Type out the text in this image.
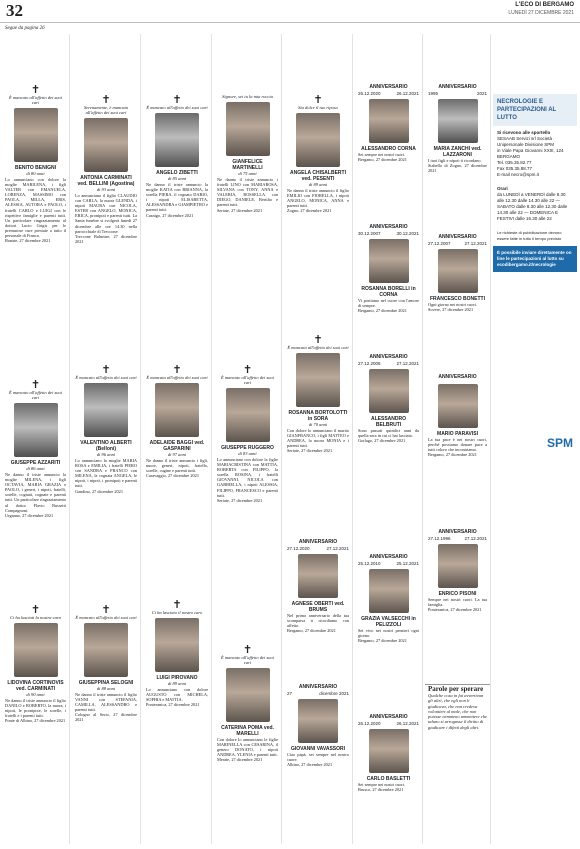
32	L'ECO DI BERGAMO
LUNEDÌ 27 DICEMBRE 2021
Segue da pagina 26
✝
È mancato all'affetto dei suoi cari
BENITO BENIGNI
di 80 anni
Lo annunciano con dolore la moglie MARILENA, i figli VALTER con EMANUELA, LORENZA, MASSIMO con PAOLA, MILLA, ERIS, ALESSIA, AUTORA e PAOLO, i fratelli CARLO e LUIGI con le rispettive famiglie e parenti tutti. Un particolare ringraziamento al dottori Lucio Grigis per le premurose cure prestate a tutto il personale di Franca.
Bonate, 27 dicembre 2021
✝
È mancato all'affetto dei suoi cari
GIUSEPPE AZZARITI
di 86 anni
Ne danno il triste annuncio la moglie MILENA, i figli OCTAVIA, MARIA GRAZIA e PAOLO, i generi, i nipoti, fratelli, sorelle, cognati, cognate e parenti tutti. Un particolare ringraziamento al dottor Flavio Bussetti Compagnoni.
Urgnano, 27 dicembre 2021
✝
Ci ha lasciati la nostra cara
LIDOVINA CORTINOVIS ved. CARMINATI
di 90 anni
Ne danno il triste annuncio il figlio DANILO e ROBERTO, la nuora, i nipoti, le pronipote, le sorelle, i fratelli e i parenti tutti.
Ponte di Albino, 27 dicembre 2021
✝
Serenamente, è mancata all'affetto dei suoi cari
ANTONIA CARMINATI ved. BELLINI (Agostina)
di 93 anni
Lo annunciano il figlio CLAUDIO con CARLA, la nuora GLENDA, i nipoti MAURA con NICOLA, ESTER con ANGELO, MONICA, ERICA, pronipoti e parenti tutti. La Santa funebre si svolgerà lunedì 27 dicembre alle ore 14.30 nella parrocchiale di Treccone.
Treccone Balneare, 27 dicembre 2021
✝
È mancato all'affetto dei suoi cari
VALENTINO ALBERTI (Belloni)
di 96 anni
Lo annunciano la moglie MARIA ROSA e EMILIA, i fratelli PIERO con SANDRA e FRANCO con MILENA, la cognata ANGELA, le nipoti, i nipoti, i pronipoti e parenti tutti.
Gandino, 27 dicembre 2021
✝
È mancato all'affetto dei suoi cari
GIUSEPPINA SELOGNI
di 88 anni
Ne danno il triste annuncio il figlio VANNI con STEFANIA, CAMILLA, ALESSANDRO e parenti tutti.
Cologno al Serio, 27 dicembre 2021
✝
È mancato all'affetto dei suoi cari
ANGELO ZIBETTI
di 85 anni
Ne danno il triste annuncio la moglie KATIA con BRIANNA, la sorella PIERA, il cognato DARIO, i nipoti ELISABETTA, ALESSANDRA e GIAMPIETRO e parenti tutti.
Casnigo, 27 dicembre 2021
✝
È mancata all'affetto dei suoi cari
ADELAIDE BAGGI ved. GASPARINI
di 97 anni
Ne danno il triste annuncio i figli, nuore, generi, nipoti, fratello, sorelle, cugine e parenti tutti.
Caravaggio, 27 dicembre 2021
✝
Ci ha lasciato il nostro caro
LUIGI PIROVANO
di 89 anni
Lo annunciano con dolore AUGUSTO con MICHELA, SOPHIA e MATTIA.
Ponteranica, 27 dicembre 2021
Signore, sei tu la mia roccia
GIANFELICE MARTINELLI
di 75 anni
Ne danno il triste annuncio i fratelli LINO con MARIAROSA, SILVANA con TONY, ANNA e VALERIA, ROSSELLA con DIEGO, DANIELE, Bertilio e parenti tutti.
Seriate, 27 dicembre 2021
✝
È mancato all'affetto dei suoi cari
GIUSEPPE RUGGERO
di 83 anni
Lo annunciano con dolore la figlie MARIACRISTINA con MATTIA, ROBERTA con FILIPPO, la sorella ROSINA, i fratelli GIOVANNI, NICOLA con GABRIELLA, i nipoti ALESSIA, FILIPPO, FRANCESCO e parenti tutti.
Seriate, 27 dicembre 2021
✝
È mancato all'affetto dei suoi cari
CATERINA POMA ved. MARELLI
Con dolore lo annunciano le figlie MARINELLA con CESARINA, il genero DONATO, i nipoti ANDREA, YLENIA e parenti tutti.
Merate, 27 dicembre 2021
✝
Sia dolce il tuo riposo
ANGELA CHISALBERTI ved. PESENTI
di 89 anni
Ne danno il triste annuncio il figlio EMILIO con FIORELLA, i nipoti ANGELO, MONICA, ANNA e parenti tutti.
Zogno, 27 dicembre 2021
✝
È mancata all'affetto dei suoi cari
ROSANNA BORTOLOTTI in SORA
di 70 anni
Con dolore lo annunciano il marito GIANFRANCO, i figli MATTEO e ANDREA, la nuora MONIA e i parenti tutti.
Seriate, 27 dicembre 2021
ANNIVERSARIO
27.12.2020	27.12.2021
AGNESE OBERTI ved. BRUMS
Nel primo anniversario della tua scomparsa ti ricordiamo con affetto.
Bergamo, 27 dicembre 2021
ANNIVERSARIO
27	dicembre 2021
GIOVANNI VAVASSORI
Ciao papà, sei sempre nel nostro cuore.
Albino, 27 dicembre 2021
ANNIVERSARIO
26.12.2020	26.12.2021
ALESSANDRO CORNA
Sei sempre nei nostri cuori.
Bergamo, 27 dicembre 2021
ANNIVERSARIO
30.12.2007	30.12.2021
ROSANNA BORELLI in CORNA
Vi portiamo nel cuore con l'amore di sempre.
Bergamo, 27 dicembre 2021
ANNIVERSARIO
27.12.2006	27.12.2021
ALESSANDRO BELBRUTI
Sono passati quindici anni da quella sera in cui ci hai lasciato.
Gorlago, 27 dicembre 2021
ANNIVERSARIO
25.12.2010	25.12.2021
GRAZIA VALSECCHI in PELIZZOLI
Sei vivo nei nostri pensieri ogni giorno.
Bergamo, 27 dicembre 2021
ANNIVERSARIO
26.12.2020	26.12.2021
CARLO BASLETTI
Sei sempre nei nostri cuori.
Brusco, 27 dicembre 2021
ANNIVERSARIO
1995	2021
MARIA ZANCHI ved. LAZZARONI
I tuoi figli e nipoti ti ricordano.
Stabello di Zogno, 27 dicembre 2021
ANNIVERSARIO
27.12.2007	27.12.2021
FRANCESCO BONETTI
Ogni giorno nei nostri cuori.
Sovere, 27 dicembre 2021
ANNIVERSARIO
MARIO PARAVISI
La tua pace è nei nostri cuori, perché possiamo donare pace a tutti coloro che incontriamo.
Bergamo, 27 dicembre 2021
ANNIVERSARIO
27.12.1996	27.12.2021
ENRICO PISONI
Sempre nei nostri cuori. La tua famiglia.
Ponteranica, 27 dicembre 2021
Parole per sperare
Qualche cosa in fai avvertivan gli altri, che egli non li giudicava, che non credeva volontieri al male, che non potesse nemmeno ammettere che taluno si arrogasse il diritto di giudicare i difetti degli altri.
NECROLOGIE E PARTECIPAZIONI AL LUTTO
Si ricevono alle sportello
SESAAB Servizi srl Società Unipersonale Divisione SPM
in Viale Papa Giovanni XXIII, 124 BERGAMO
Tel. 035.35.82.77
Fax 035.35.88.77
E-mail necro@spm.it
Orari
da LUNEDÌ a VENERDÌ dalle 8.30 alle 12.30 dalle 14.30 alle 22 — SABATO dalle 8.30 alle 12.30 dalle 14.30 alle 22 — DOMENICA E FESTIVI dalle 16.30 alle 22
Le richieste di pubblicazione devono essere fatte in tutto il tempo previsto
È possibile inviare direttamente on line le partecipazioni al lutto su ecodibergamo.it/necrologie
SPM
